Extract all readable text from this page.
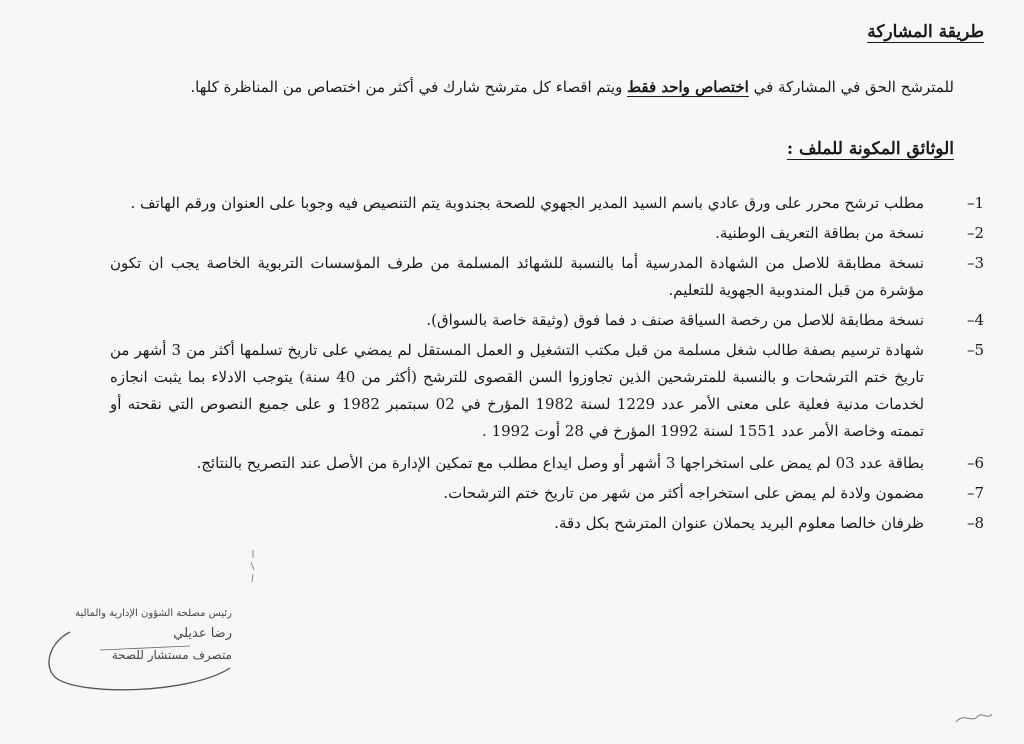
طريقة المشاركة
للمترشح الحق في المشاركة في اختصاص واحد فقط ويتم اقصاء كل مترشح شارك في أكثر من اختصاص من المناظرة كلها.
الوثائق المكونة للملف :
1–
مطلب ترشح محرر على ورق عادي باسم السيد المدير الجهوي للصحة بجندوبة يتم التنصيص فيه وجوبا على العنوان ورقم الهاتف .
2–
نسخة من بطاقة التعريف الوطنية.
3–
نسخة مطابقة للاصل من الشهادة المدرسية أما بالنسبة للشهائد المسلمة من طرف المؤسسات التربوية الخاصة يجب ان تكون مؤشرة من قبل المندوبية الجهوية للتعليم.
4–
نسخة مطابقة للاصل من رخصة السياقة صنف د فما فوق (وثيقة خاصة بالسواق).
5–
شهادة ترسيم بصفة طالب شغل مسلمة من قبل مكتب التشغيل و العمل المستقل لم يمضي على تاريخ تسلمها أكثر من 3 أشهر من تاريخ ختم الترشحات و بالنسبة للمترشحين الذين تجاوزوا السن القصوى للترشح (أكثر من 40 سنة) يتوجب الادلاء بما يثبت انجازه لخدمات مدنية فعلية على معنى الأمر عدد 1229 لسنة 1982 المؤرخ في 02 سبتمبر 1982 و على جميع النصوص التي نقحته أو تممته وخاصة الأمر عدد 1551 لسنة 1992 المؤرخ في 28 أوت 1992 .
6–
بطاقة عدد 03 لم يمض على استخراجها 3 أشهر أو وصل ايداع مطلب مع تمكين الإدارة من الأصل عند التصريح بالنتائج.
7–
مضمون ولادة لم يمض على استخراجه أكثر من شهر من تاريخ ختم الترشحات.
8–
ظرفان خالصا معلوم البريد يحملان عنوان المترشح بكل دقة.
رئيس مصلحة الشؤون الإدارية والمالية
رضا عديلي
متصرف مستشار للصحة
